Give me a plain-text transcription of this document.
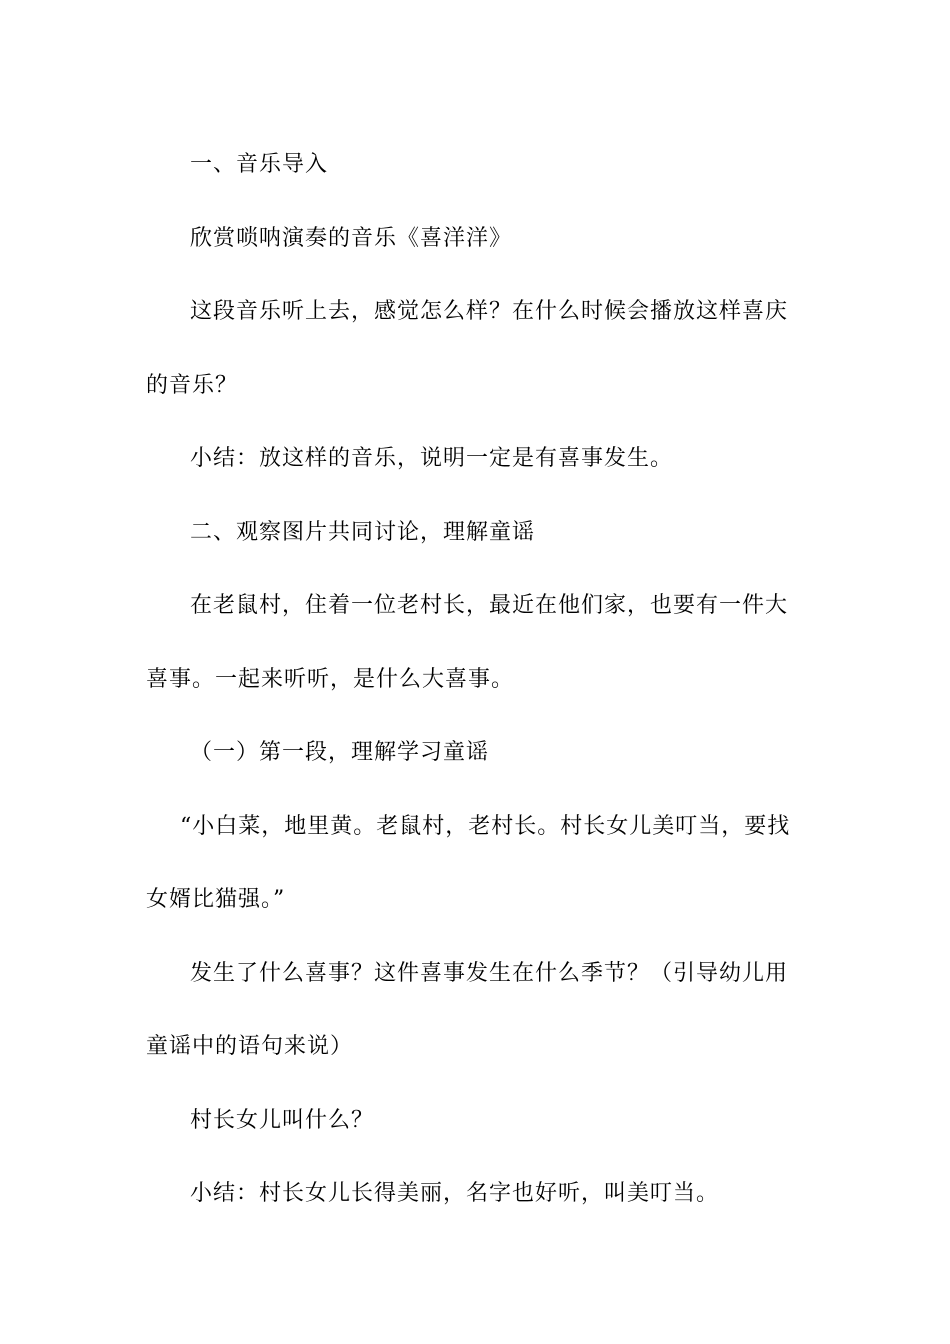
一、音乐导入

欣赏唢呐演奏的音乐《喜洋洋》

这段音乐听上去，感觉怎么样？在什么时候会播放这样喜庆的音乐？

小结：放这样的音乐，说明一定是有喜事发生。

二、观察图片共同讨论，理解童谣

在老鼠村，住着一位老村长，最近在他们家，也要有一件大喜事。一起来听听，是什么大喜事。

（一）第一段，理解学习童谣

“小白菜，地里黄。老鼠村，老村长。村长女儿美叮当，要找女婿比猫强。”

发生了什么喜事？这件喜事发生在什么季节？（引导幼儿用童谣中的语句来说）

村长女儿叫什么？

小结：村长女儿长得美丽，名字也好听，叫美叮当。
